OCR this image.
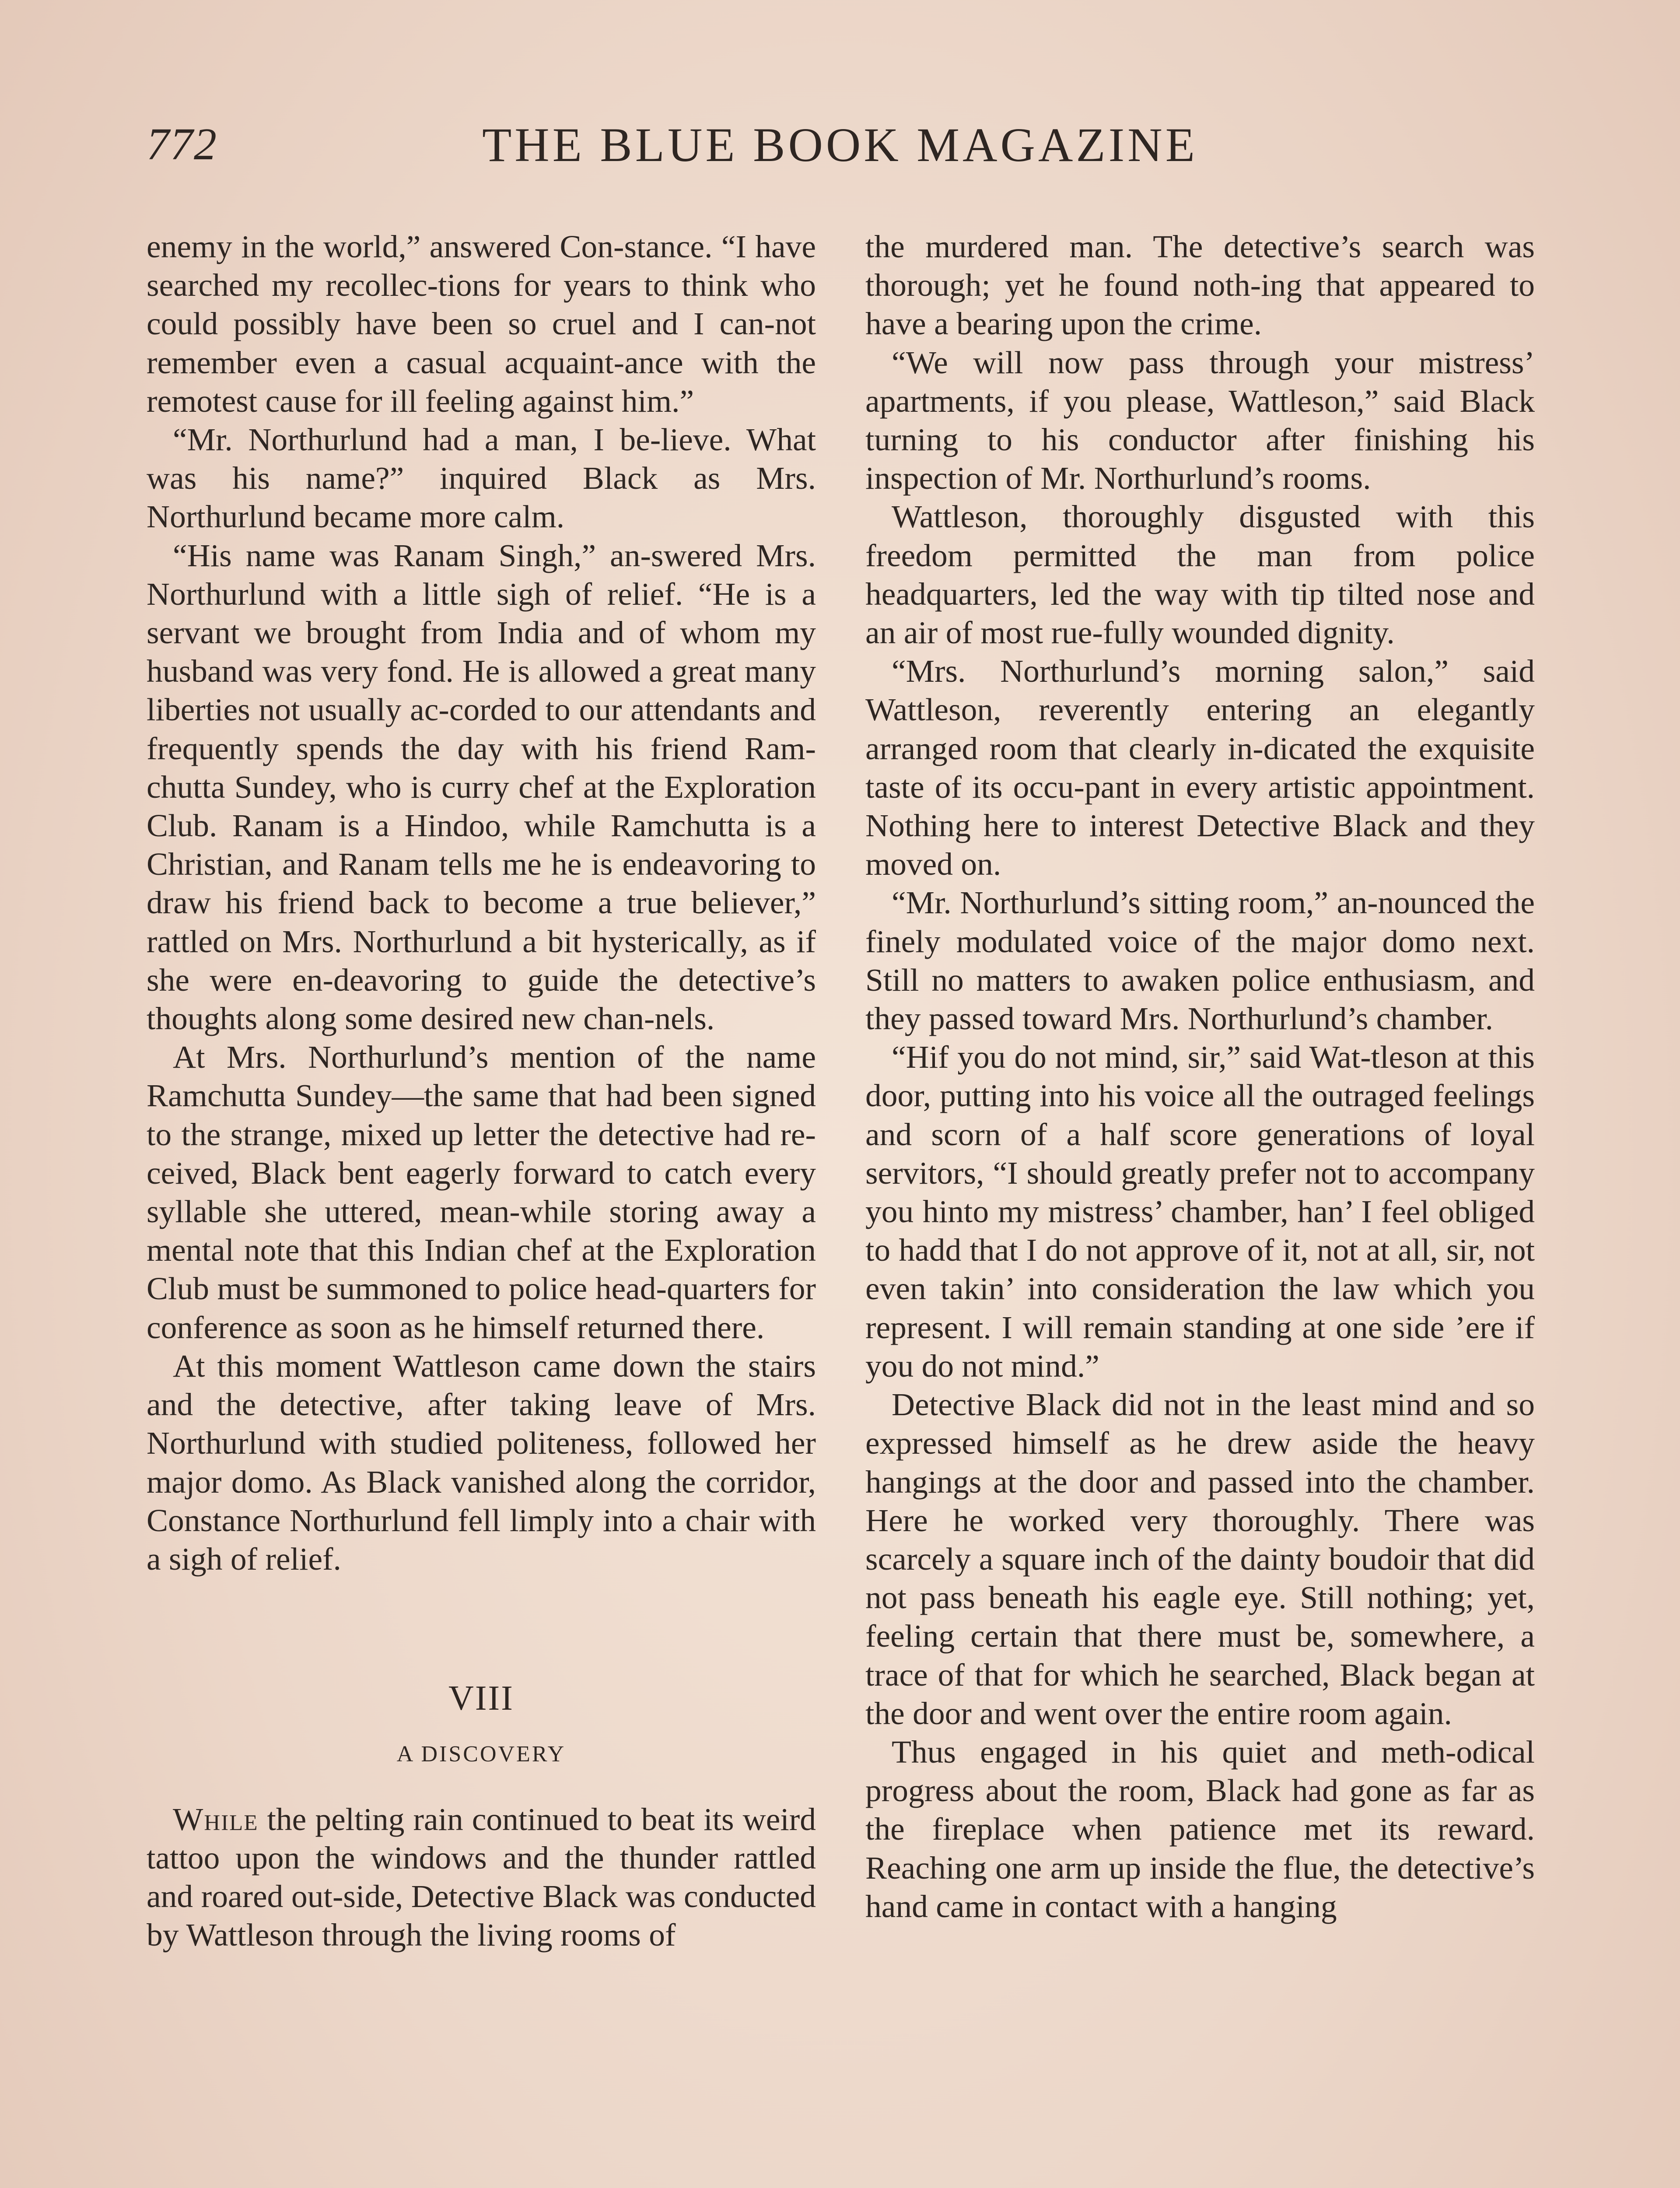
772	THE BLUE BOOK MAGAZINE

enemy in the world,” answered Con-stance. “I have searched my recollec-tions for years to think who could possibly have been so cruel and I can-not remember even a casual acquaint-ance with the remotest cause for ill feeling against him.”

“Mr. Northurlund had a man, I be-lieve. What was his name?” inquired Black as Mrs. Northurlund became more calm.

“His name was Ranam Singh,” an-swered Mrs. Northurlund with a little sigh of relief. “He is a servant we brought from India and of whom my husband was very fond. He is allowed a great many liberties not usually ac-corded to our attendants and frequently spends the day with his friend Ram-chutta Sundey, who is curry chef at the Exploration Club. Ranam is a Hindoo, while Ramchutta is a Christian, and Ranam tells me he is endeavoring to draw his friend back to become a true believer,” rattled on Mrs. Northurlund a bit hysterically, as if she were en-deavoring to guide the detective’s thoughts along some desired new chan-nels.

At Mrs. Northurlund’s mention of the name Ramchutta Sundey—the same that had been signed to the strange, mixed up letter the detective had re-ceived, Black bent eagerly forward to catch every syllable she uttered, mean-while storing away a mental note that this Indian chef at the Exploration Club must be summoned to police head-quarters for conference as soon as he himself returned there.

At this moment Wattleson came down the stairs and the detective, after taking leave of Mrs. Northurlund with studied politeness, followed her major domo. As Black vanished along the corridor, Constance Northurlund fell limply into a chair with a sigh of relief.

VIII
A DISCOVERY

While the pelting rain continued to beat its weird tattoo upon the windows and the thunder rattled and roared out-side, Detective Black was conducted by Wattleson through the living rooms of

the murdered man. The detective’s search was thorough; yet he found noth-ing that appeared to have a bearing upon the crime.

“We will now pass through your mistress’ apartments, if you please, Wattleson,” said Black turning to his conductor after finishing his inspection of Mr. Northurlund’s rooms.

Wattleson, thoroughly disgusted with this freedom permitted the man from police headquarters, led the way with tip tilted nose and an air of most rue-fully wounded dignity.

“Mrs. Northurlund’s morning salon,” said Wattleson, reverently entering an elegantly arranged room that clearly in-dicated the exquisite taste of its occu-pant in every artistic appointment. Nothing here to interest Detective Black and they moved on.

“Mr. Northurlund’s sitting room,” an-nounced the finely modulated voice of the major domo next. Still no matters to awaken police enthusiasm, and they passed toward Mrs. Northurlund’s chamber.

“Hif you do not mind, sir,” said Wat-tleson at this door, putting into his voice all the outraged feelings and scorn of a half score generations of loyal servitors, “I should greatly prefer not to accompany you hinto my mistress’ chamber, han’ I feel obliged to hadd that I do not approve of it, not at all, sir, not even takin’ into consideration the law which you represent. I will remain standing at one side ’ere if you do not mind.”

Detective Black did not in the least mind and so expressed himself as he drew aside the heavy hangings at the door and passed into the chamber. Here he worked very thoroughly. There was scarcely a square inch of the dainty boudoir that did not pass beneath his eagle eye. Still nothing; yet, feeling certain that there must be, somewhere, a trace of that for which he searched, Black began at the door and went over the entire room again.

Thus engaged in his quiet and meth-odical progress about the room, Black had gone as far as the fireplace when patience met its reward. Reaching one arm up inside the flue, the detective’s hand came in contact with a hanging
